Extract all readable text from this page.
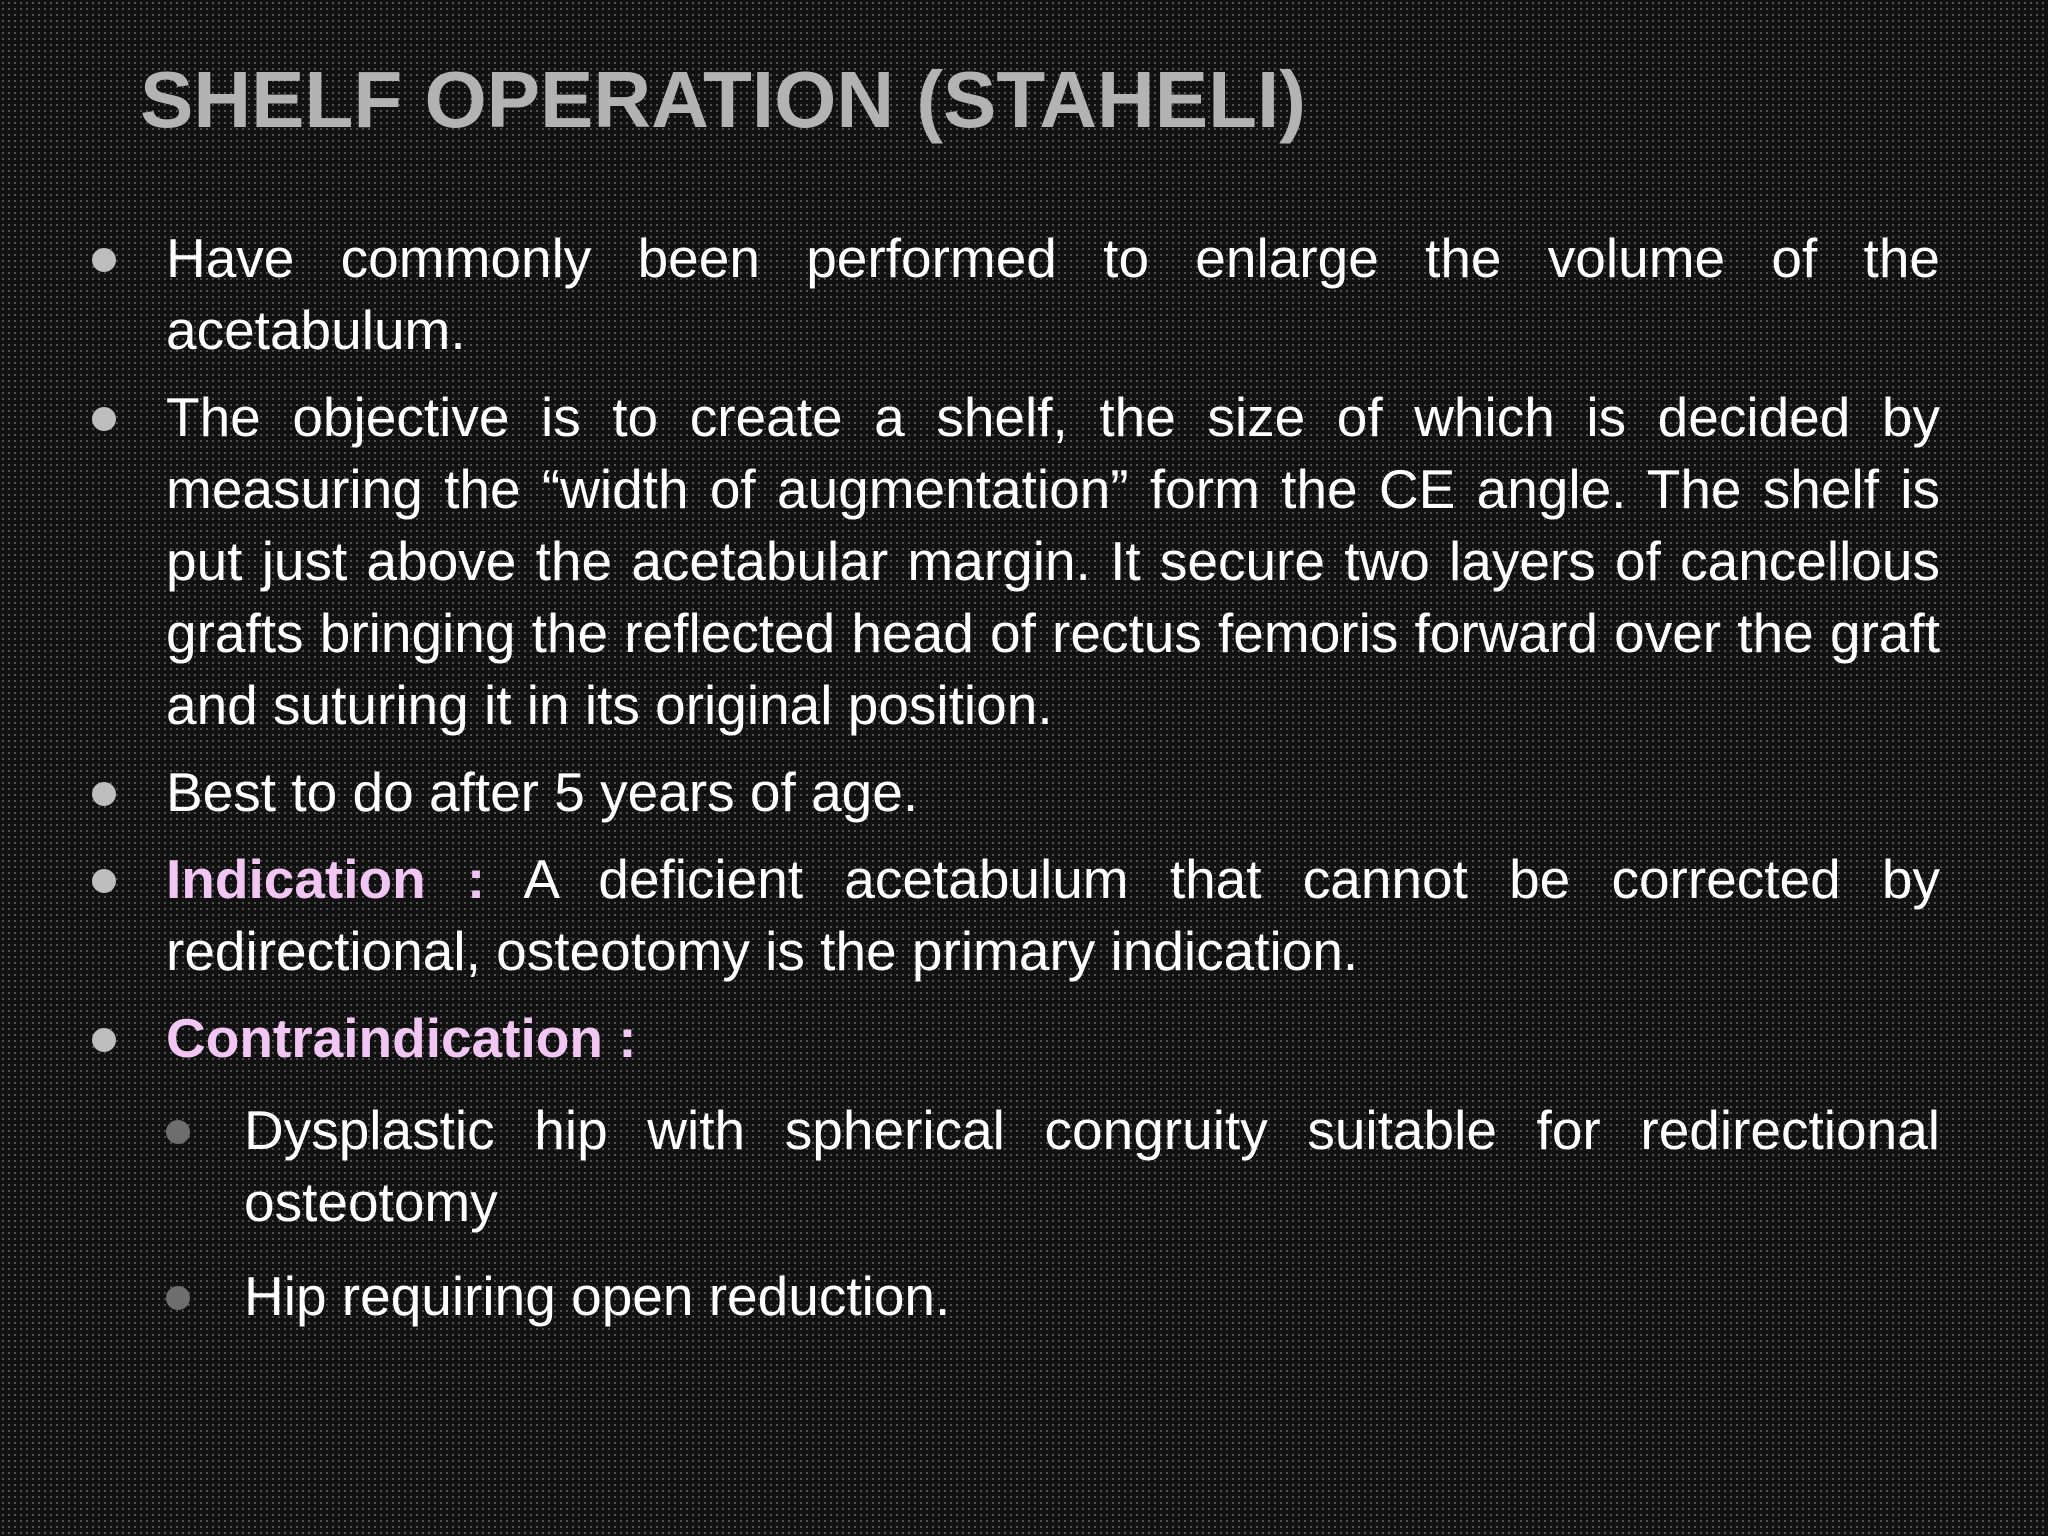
SHELF OPERATION (STAHELI)
Have commonly been performed to enlarge the volume of the acetabulum.
The objective is to create a shelf, the size of which is decided by measuring the “width of augmentation” form the CE angle. The shelf is put just above the acetabular margin. It secure two layers of cancellous grafts bringing the reflected head of rectus femoris forward over the graft and suturing it in its original position.
Best to do after 5 years of age.
Indication : A deficient acetabulum that cannot be corrected by redirectional, osteotomy is the primary indication.
Contraindication :
Dysplastic hip with spherical congruity suitable for redirectional osteotomy
Hip requiring open reduction.
